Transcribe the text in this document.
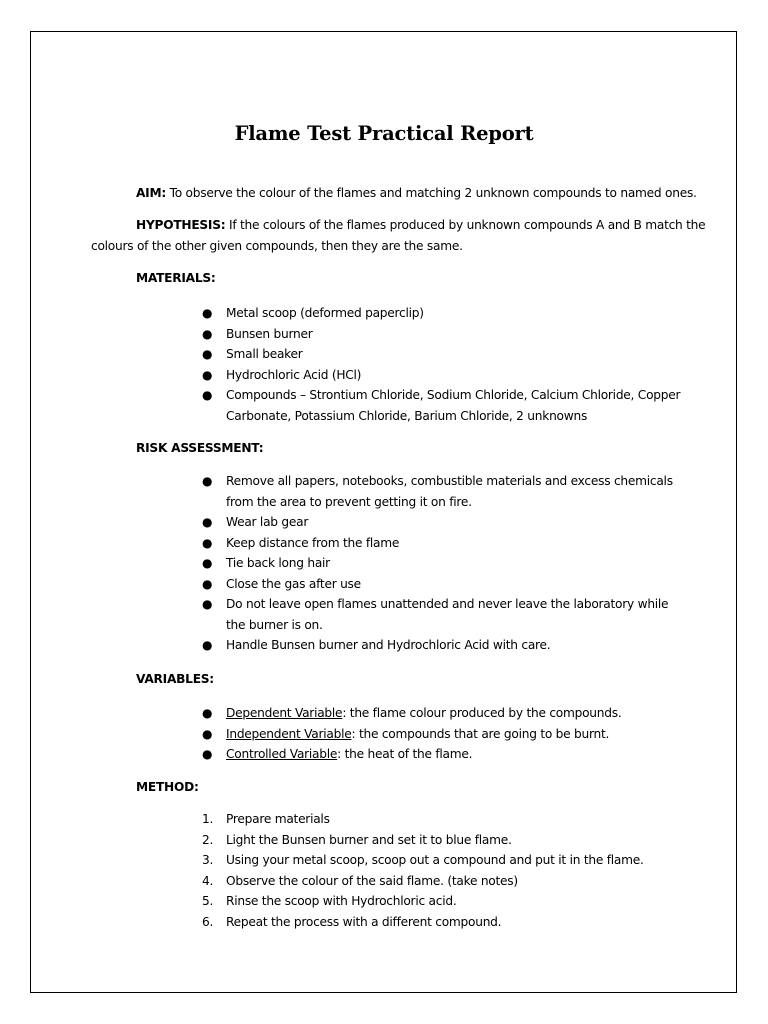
Flame Test Practical Report
AIM: To observe the colour of the flames and matching 2 unknown compounds to named ones.
HYPOTHESIS: If the colours of the flames produced by unknown compounds A and B match the colours of the other given compounds, then they are the same.
MATERIALS:
●	Metal scoop (deformed paperclip)
●	Bunsen burner
●	Small beaker
●	Hydrochloric Acid (HCl)
●	Compounds – Strontium Chloride, Sodium Chloride, Calcium Chloride, Copper Carbonate, Potassium Chloride, Barium Chloride, 2 unknowns
RISK ASSESSMENT:
●	Remove all papers, notebooks, combustible materials and excess chemicals from the area to prevent getting it on fire.
●	Wear lab gear
●	Keep distance from the flame
●	Tie back long hair
●	Close the gas after use
●	Do not leave open flames unattended and never leave the laboratory while the burner is on.
●	Handle Bunsen burner and Hydrochloric Acid with care.
VARIABLES:
●	Dependent Variable: the flame colour produced by the compounds.
●	Independent Variable: the compounds that are going to be burnt.
●	Controlled Variable: the heat of the flame.
METHOD:
1.	Prepare materials
2.	Light the Bunsen burner and set it to blue flame.
3.	Using your metal scoop, scoop out a compound and put it in the flame.
4.	Observe the colour of the said flame. (take notes)
5.	Rinse the scoop with Hydrochloric acid.
6.	Repeat the process with a different compound.
